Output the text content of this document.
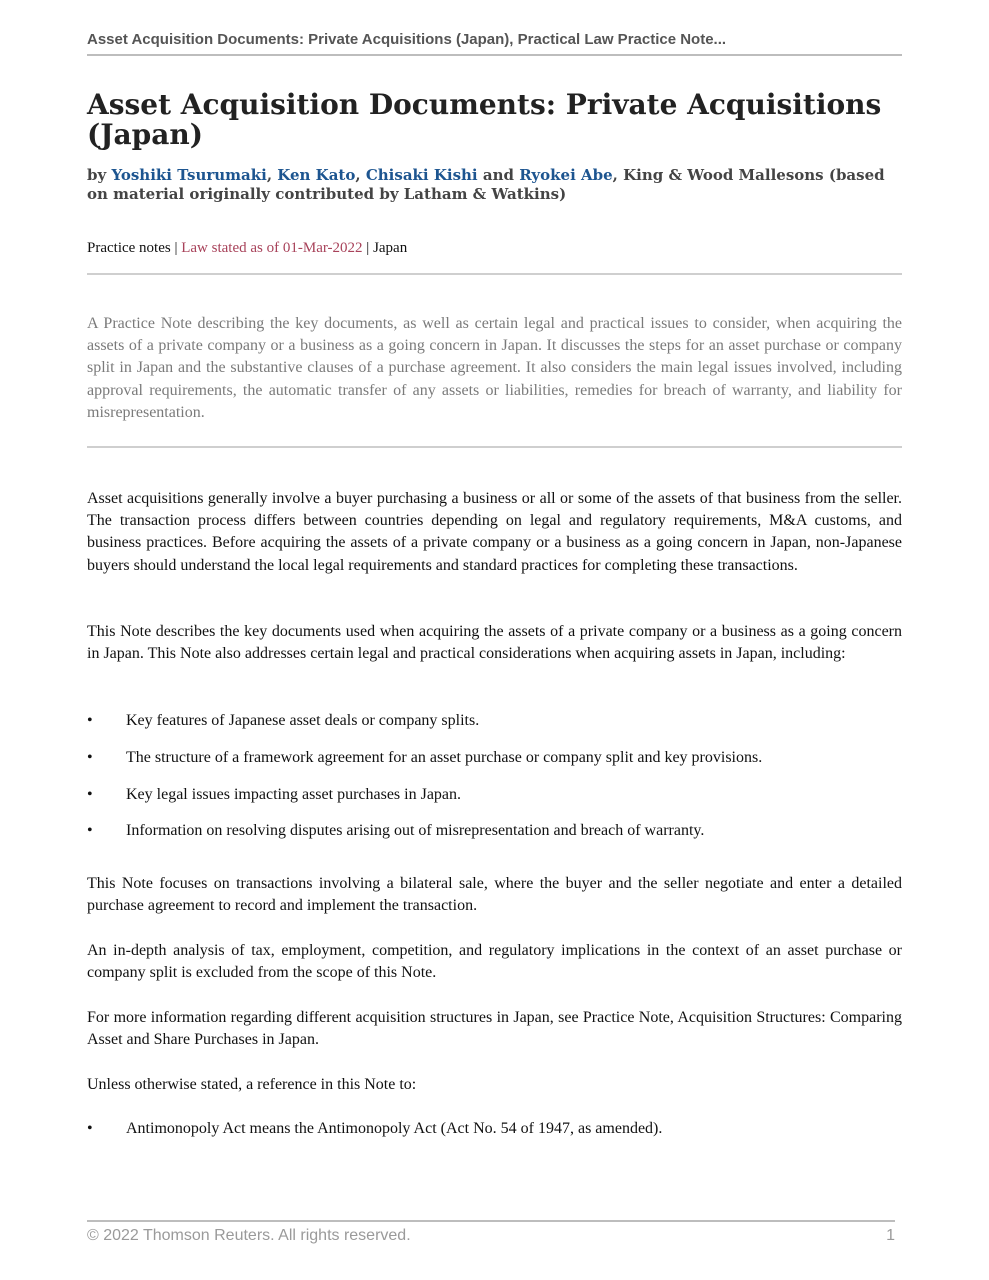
Asset Acquisition Documents: Private Acquisitions (Japan), Practical Law Practice Note...
Asset Acquisition Documents: Private Acquisitions (Japan)
by Yoshiki Tsurumaki, Ken Kato, Chisaki Kishi and Ryokei Abe, King & Wood Mallesons (based on material originally contributed by Latham & Watkins)
Practice notes | Law stated as of 01-Mar-2022 | Japan

A Practice Note describing the key documents, as well as certain legal and practical issues to consider, when acquiring the assets of a private company or a business as a going concern in Japan. It discusses the steps for an asset purchase or company split in Japan and the substantive clauses of a purchase agreement. It also considers the main legal issues involved, including approval requirements, the automatic transfer of any assets or liabilities, remedies for breach of warranty, and liability for misrepresentation.

Asset acquisitions generally involve a buyer purchasing a business or all or some of the assets of that business from the seller. The transaction process differs between countries depending on legal and regulatory requirements, M&A customs, and business practices. Before acquiring the assets of a private company or a business as a going concern in Japan, non-Japanese buyers should understand the local legal requirements and standard practices for completing these transactions.

This Note describes the key documents used when acquiring the assets of a private company or a business as a going concern in Japan. This Note also addresses certain legal and practical considerations when acquiring assets in Japan, including:

• Key features of Japanese asset deals or company splits.
• The structure of a framework agreement for an asset purchase or company split and key provisions.
• Key legal issues impacting asset purchases in Japan.
• Information on resolving disputes arising out of misrepresentation and breach of warranty.

This Note focuses on transactions involving a bilateral sale, where the buyer and the seller negotiate and enter a detailed purchase agreement to record and implement the transaction.

An in-depth analysis of tax, employment, competition, and regulatory implications in the context of an asset purchase or company split is excluded from the scope of this Note.

For more information regarding different acquisition structures in Japan, see Practice Note, Acquisition Structures: Comparing Asset and Share Purchases in Japan.

Unless otherwise stated, a reference in this Note to:

• Antimonopoly Act means the Antimonopoly Act (Act No. 54 of 1947, as amended).
© 2022 Thomson Reuters. All rights reserved.	1
